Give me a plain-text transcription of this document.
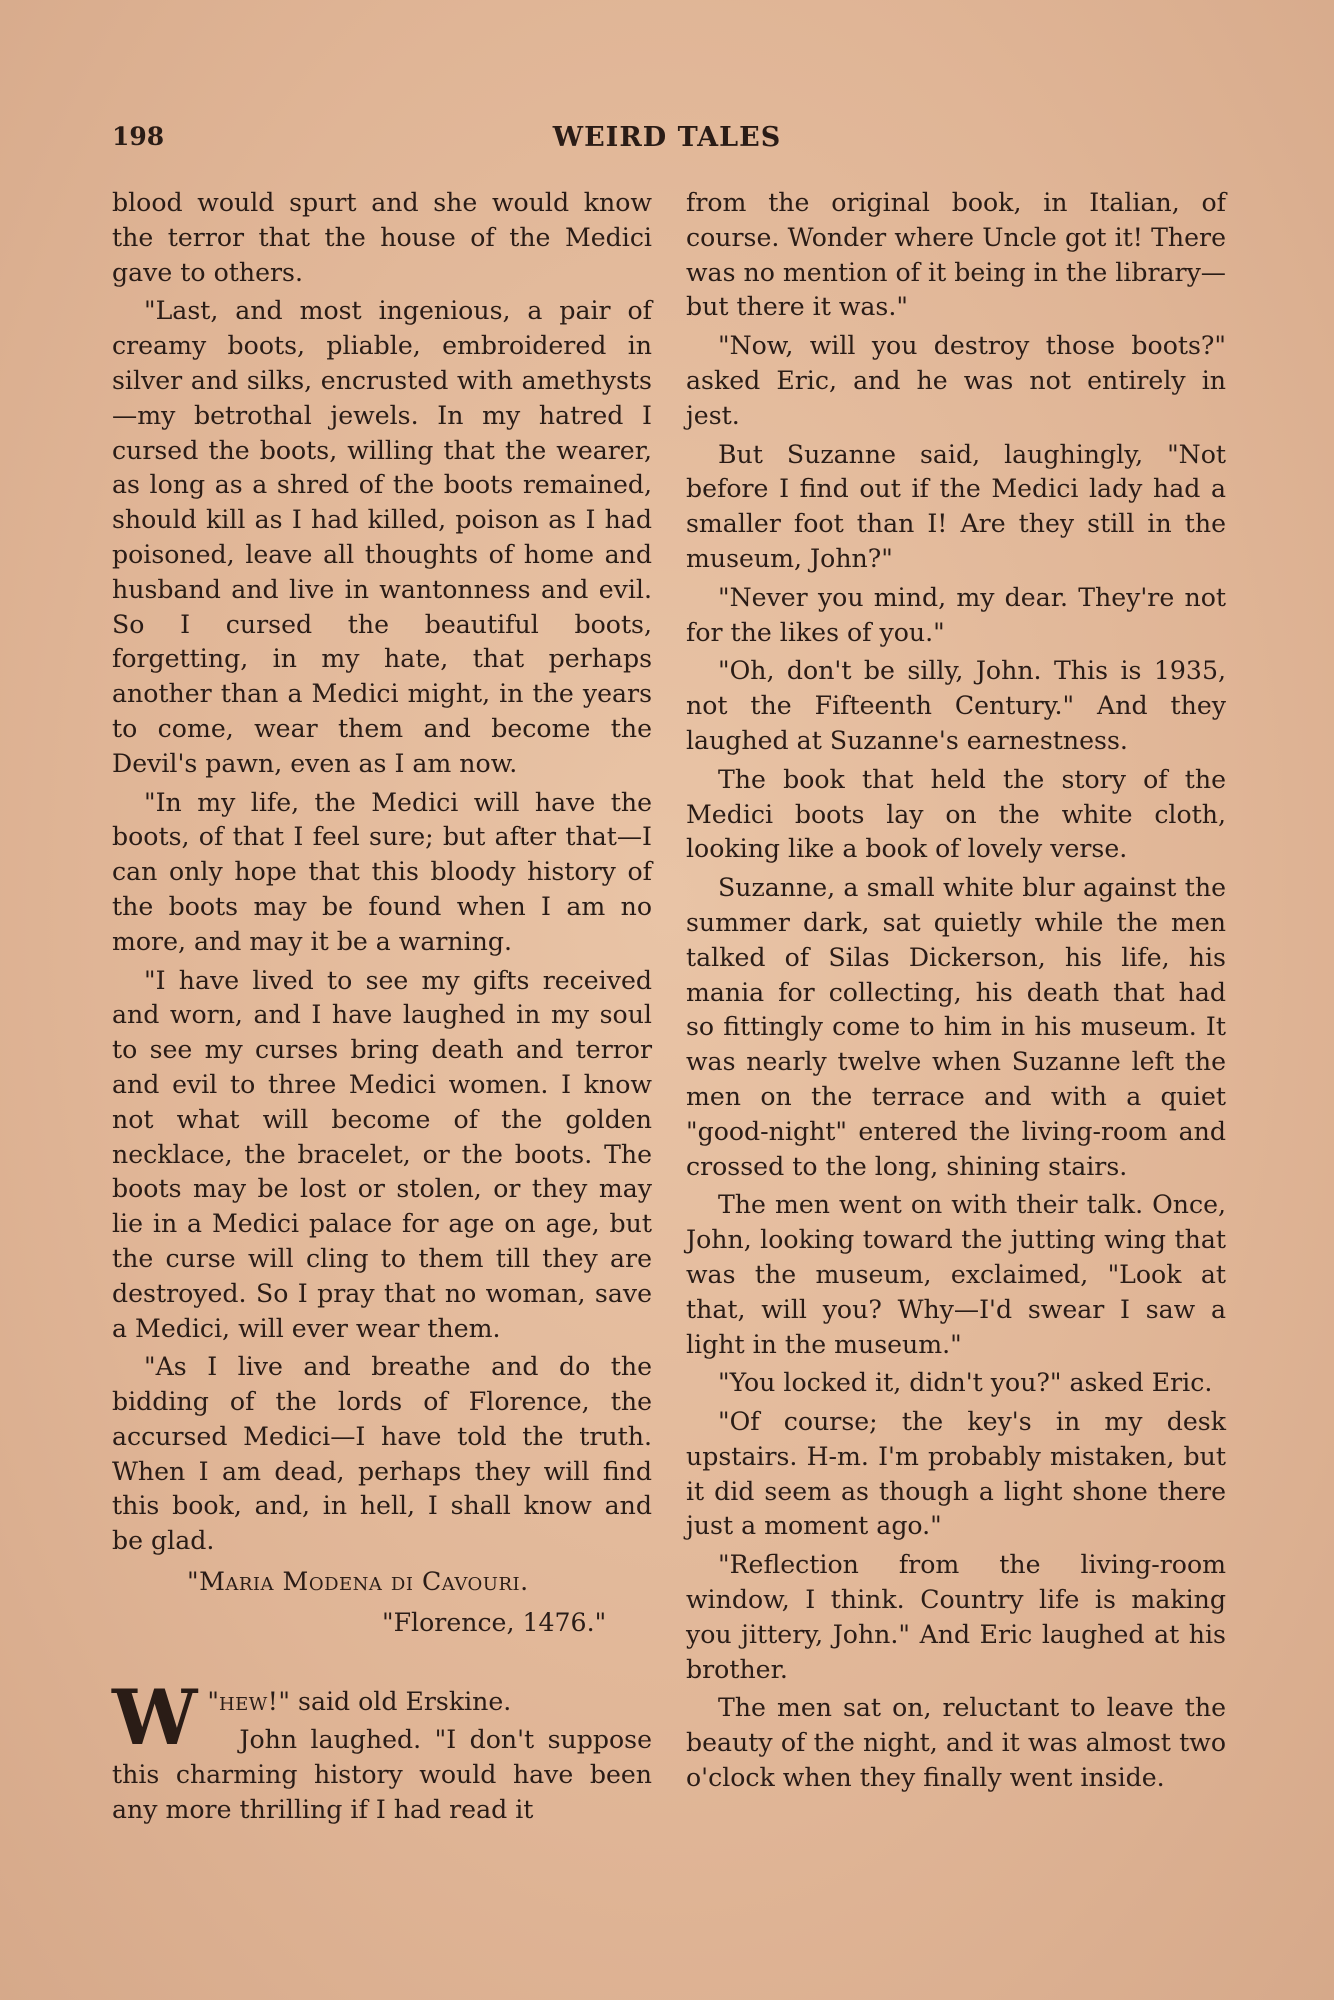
198	WEIRD TALES

blood would spurt and she would know the terror that the house of the Medici gave to others.

"Last, and most ingenious, a pair of creamy boots, pliable, embroidered in silver and silks, encrusted with amethysts—my betrothal jewels. In my hatred I cursed the boots, willing that the wearer, as long as a shred of the boots remained, should kill as I had killed, poison as I had poisoned, leave all thoughts of home and husband and live in wantonness and evil. So I cursed the beautiful boots, forgetting, in my hate, that perhaps another than a Medici might, in the years to come, wear them and become the Devil's pawn, even as I am now.

"In my life, the Medici will have the boots, of that I feel sure; but after that—I can only hope that this bloody history of the boots may be found when I am no more, and may it be a warning.

"I have lived to see my gifts received and worn, and I have laughed in my soul to see my curses bring death and terror and evil to three Medici women. I know not what will become of the golden necklace, the bracelet, or the boots. The boots may be lost or stolen, or they may lie in a Medici palace for age on age, but the curse will cling to them till they are destroyed. So I pray that no woman, save a Medici, will ever wear them.

"As I live and breathe and do the bidding of the lords of Florence, the accursed Medici—I have told the truth. When I am dead, perhaps they will find this book, and, in hell, I shall know and be glad.

"Maria Modena di Cavouri.

"Florence, 1476."

"
W hew!" said old Erskine.

John laughed. "I don't suppose this charming history would have been any more thrilling if I had read it

from the original book, in Italian, of course. Wonder where Uncle got it! There was no mention of it being in the library—but there it was."

"Now, will you destroy those boots?" asked Eric, and he was not entirely in jest.

But Suzanne said, laughingly, "Not before I find out if the Medici lady had a smaller foot than I! Are they still in the museum, John?"

"Never you mind, my dear. They're not for the likes of you."

"Oh, don't be silly, John. This is 1935, not the Fifteenth Century." And they laughed at Suzanne's earnestness.

The book that held the story of the Medici boots lay on the white cloth, looking like a book of lovely verse.

Suzanne, a small white blur against the summer dark, sat quietly while the men talked of Silas Dickerson, his life, his mania for collecting, his death that had so fittingly come to him in his museum. It was nearly twelve when Suzanne left the men on the terrace and with a quiet "good-night" entered the living-room and crossed to the long, shining stairs.

The men went on with their talk. Once, John, looking toward the jutting wing that was the museum, exclaimed, "Look at that, will you? Why—I'd swear I saw a light in the museum."

"You locked it, didn't you?" asked Eric.

"Of course; the key's in my desk upstairs. H-m. I'm probably mistaken, but it did seem as though a light shone there just a moment ago."

"Reflection from the living-room window, I think. Country life is making you jittery, John." And Eric laughed at his brother.

The men sat on, reluctant to leave the beauty of the night, and it was almost two o'clock when they finally went inside.
